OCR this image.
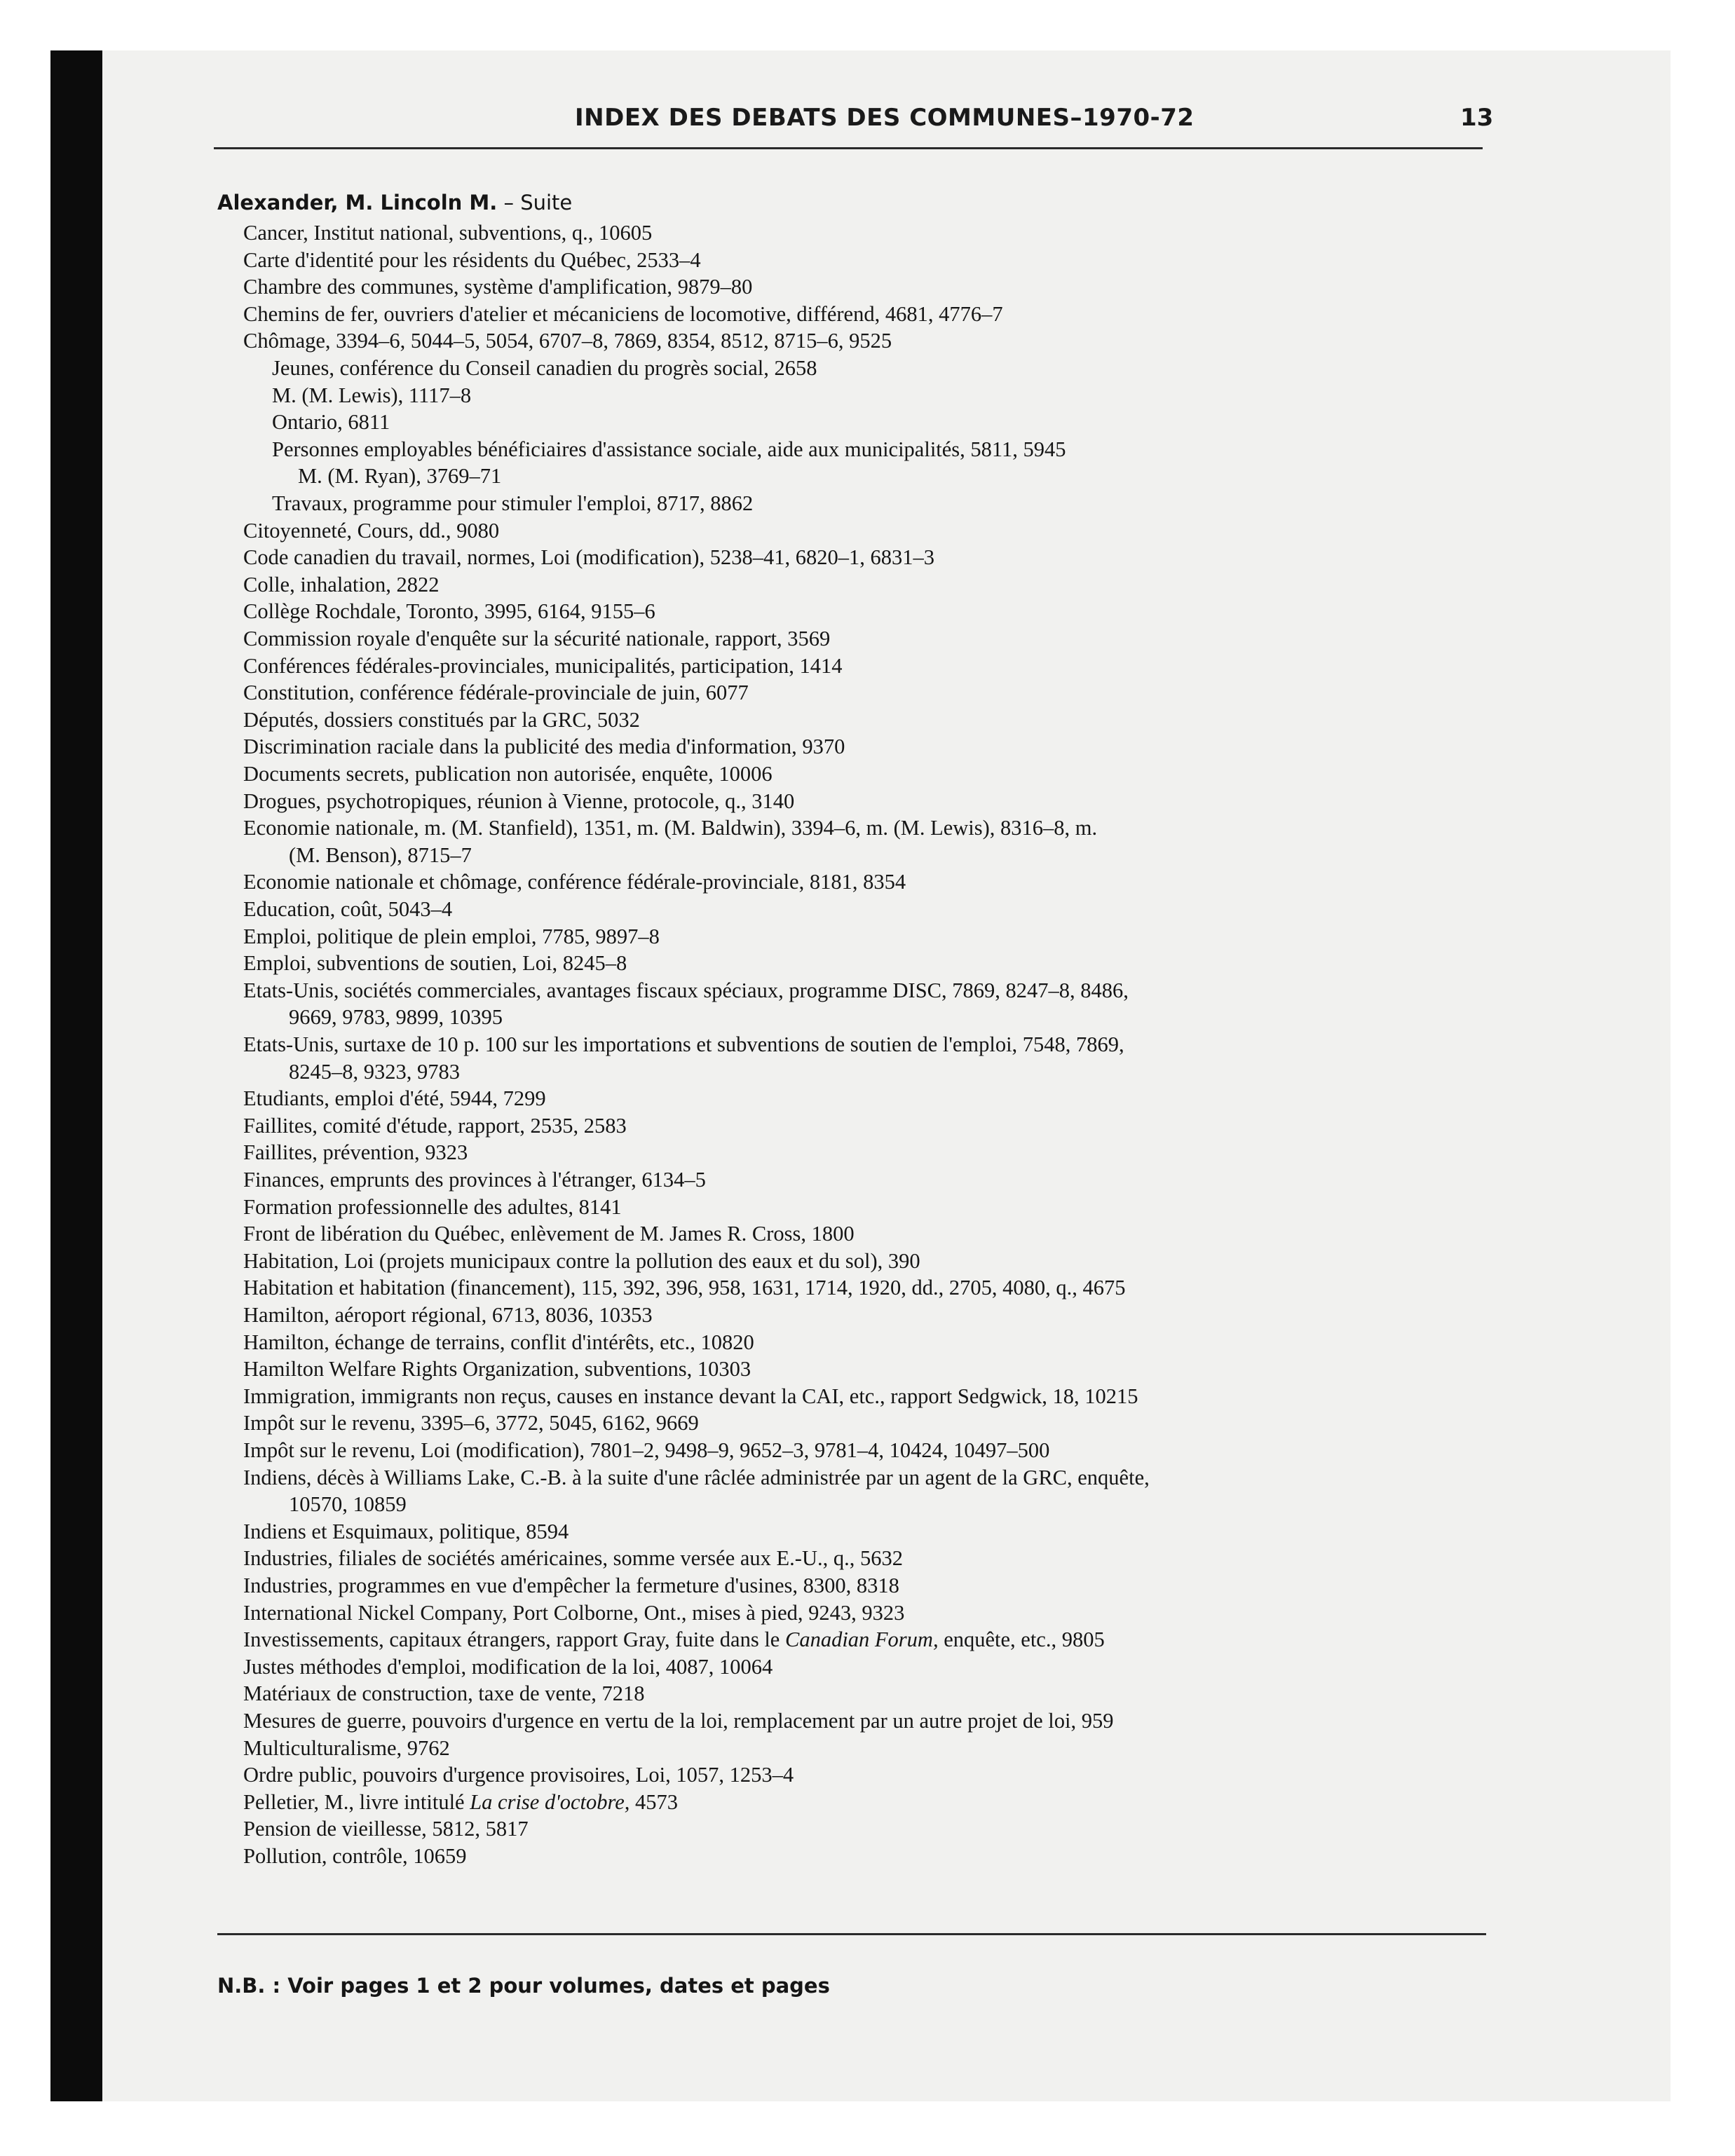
INDEX DES DEBATS DES COMMUNES–1970-72	13
Alexander, M. Lincoln M. – Suite
Cancer, Institut national, subventions, q., 10605
Carte d'identité pour les résidents du Québec, 2533–4
Chambre des communes, système d'amplification, 9879–80
Chemins de fer, ouvriers d'atelier et mécaniciens de locomotive, différend, 4681, 4776–7
Chômage, 3394–6, 5044–5, 5054, 6707–8, 7869, 8354, 8512, 8715–6, 9525
Jeunes, conférence du Conseil canadien du progrès social, 2658
M. (M. Lewis), 1117–8
Ontario, 6811
Personnes employables bénéficiaires d'assistance sociale, aide aux municipalités, 5811, 5945
M. (M. Ryan), 3769–71
Travaux, programme pour stimuler l'emploi, 8717, 8862
Citoyenneté, Cours, dd., 9080
Code canadien du travail, normes, Loi (modification), 5238–41, 6820–1, 6831–3
Colle, inhalation, 2822
Collège Rochdale, Toronto, 3995, 6164, 9155–6
Commission royale d'enquête sur la sécurité nationale, rapport, 3569
Conférences fédérales-provinciales, municipalités, participation, 1414
Constitution, conférence fédérale-provinciale de juin, 6077
Députés, dossiers constitués par la GRC, 5032
Discrimination raciale dans la publicité des media d'information, 9370
Documents secrets, publication non autorisée, enquête, 10006
Drogues, psychotropiques, réunion à Vienne, protocole, q., 3140
Economie nationale, m. (M. Stanfield), 1351, m. (M. Baldwin), 3394–6, m. (M. Lewis), 8316–8, m.
(M. Benson), 8715–7
Economie nationale et chômage, conférence fédérale-provinciale, 8181, 8354
Education, coût, 5043–4
Emploi, politique de plein emploi, 7785, 9897–8
Emploi, subventions de soutien, Loi, 8245–8
Etats-Unis, sociétés commerciales, avantages fiscaux spéciaux, programme DISC, 7869, 8247–8, 8486,
9669, 9783, 9899, 10395
Etats-Unis, surtaxe de 10 p. 100 sur les importations et subventions de soutien de l'emploi, 7548, 7869,
8245–8, 9323, 9783
Etudiants, emploi d'été, 5944, 7299
Faillites, comité d'étude, rapport, 2535, 2583
Faillites, prévention, 9323
Finances, emprunts des provinces à l'étranger, 6134–5
Formation professionnelle des adultes, 8141
Front de libération du Québec, enlèvement de M. James R. Cross, 1800
Habitation, Loi (projets municipaux contre la pollution des eaux et du sol), 390
Habitation et habitation (financement), 115, 392, 396, 958, 1631, 1714, 1920, dd., 2705, 4080, q., 4675
Hamilton, aéroport régional, 6713, 8036, 10353
Hamilton, échange de terrains, conflit d'intérêts, etc., 10820
Hamilton Welfare Rights Organization, subventions, 10303
Immigration, immigrants non reçus, causes en instance devant la CAI, etc., rapport Sedgwick, 18, 10215
Impôt sur le revenu, 3395–6, 3772, 5045, 6162, 9669
Impôt sur le revenu, Loi (modification), 7801–2, 9498–9, 9652–3, 9781–4, 10424, 10497–500
Indiens, décès à Williams Lake, C.-B. à la suite d'une râclée administrée par un agent de la GRC, enquête,
10570, 10859
Indiens et Esquimaux, politique, 8594
Industries, filiales de sociétés américaines, somme versée aux E.-U., q., 5632
Industries, programmes en vue d'empêcher la fermeture d'usines, 8300, 8318
International Nickel Company, Port Colborne, Ont., mises à pied, 9243, 9323
Investissements, capitaux étrangers, rapport Gray, fuite dans le Canadian Forum, enquête, etc., 9805
Justes méthodes d'emploi, modification de la loi, 4087, 10064
Matériaux de construction, taxe de vente, 7218
Mesures de guerre, pouvoirs d'urgence en vertu de la loi, remplacement par un autre projet de loi, 959
Multiculturalisme, 9762
Ordre public, pouvoirs d'urgence provisoires, Loi, 1057, 1253–4
Pelletier, M., livre intitulé La crise d'octobre, 4573
Pension de vieillesse, 5812, 5817
Pollution, contrôle, 10659
N.B. : Voir pages 1 et 2 pour volumes, dates et pages
